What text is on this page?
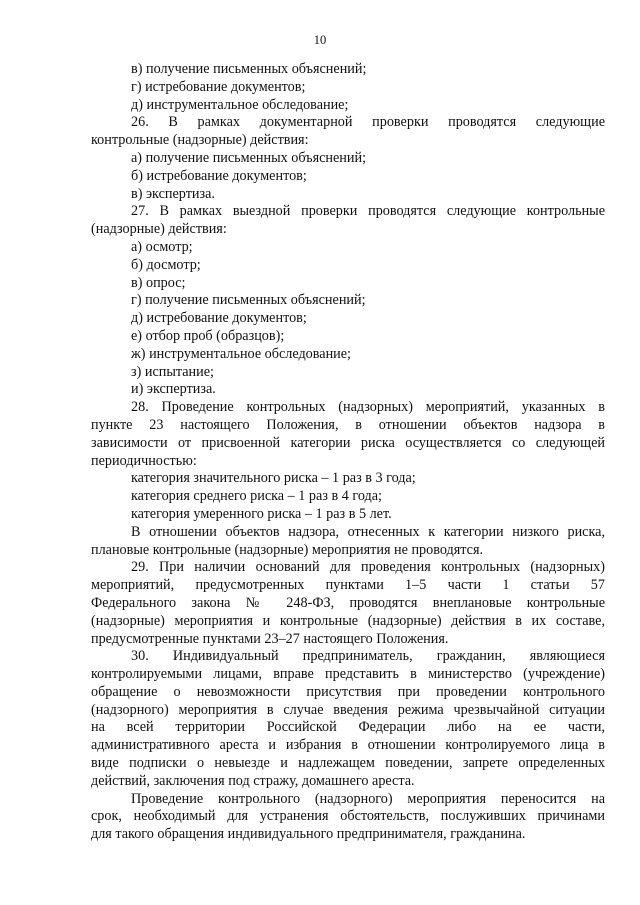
10
в) получение письменных объяснений;
г) истребование документов;
д) инструментальное обследование;
26. В рамках документарной проверки проводятся следующие
контрольные (надзорные) действия:
а) получение письменных объяснений;
б) истребование документов;
в) экспертиза.
27. В рамках выездной проверки проводятся следующие контрольные
(надзорные) действия:
а) осмотр;
б) досмотр;
в) опрос;
г) получение письменных объяснений;
д) истребование документов;
е) отбор проб (образцов);
ж) инструментальное обследование;
з) испытание;
и) экспертиза.
28. Проведение контрольных (надзорных) мероприятий, указанных в
пункте 23 настоящего Положения, в отношении объектов надзора в
зависимости от присвоенной категории риска осуществляется со следующей
периодичностью:
категория значительного риска – 1 раз в 3 года;
категория среднего риска – 1 раз в 4 года;
категория умеренного риска – 1 раз в 5 лет.
В отношении объектов надзора, отнесенных к категории низкого риска,
плановые контрольные (надзорные) мероприятия не проводятся.
29. При наличии оснований для проведения контрольных (надзорных)
мероприятий, предусмотренных пунктами 1–5 части 1 статьи 57
Федерального закона № 248-ФЗ, проводятся внеплановые контрольные
(надзорные) мероприятия и контрольные (надзорные) действия в их составе,
предусмотренные пунктами 23–27 настоящего Положения.
30. Индивидуальный предприниматель, гражданин, являющиеся
контролируемыми лицами, вправе представить в министерство (учреждение)
обращение о невозможности присутствия при проведении контрольного
(надзорного) мероприятия в случае введения режима чрезвычайной ситуации
на всей территории Российской Федерации либо на ее части,
административного ареста и избрания в отношении контролируемого лица в
виде подписки о невыезде и надлежащем поведении, запрете определенных
действий, заключения под стражу, домашнего ареста.
Проведение контрольного (надзорного) мероприятия переносится на
срок, необходимый для устранения обстоятельств, послуживших причинами
для такого обращения индивидуального предпринимателя, гражданина.
